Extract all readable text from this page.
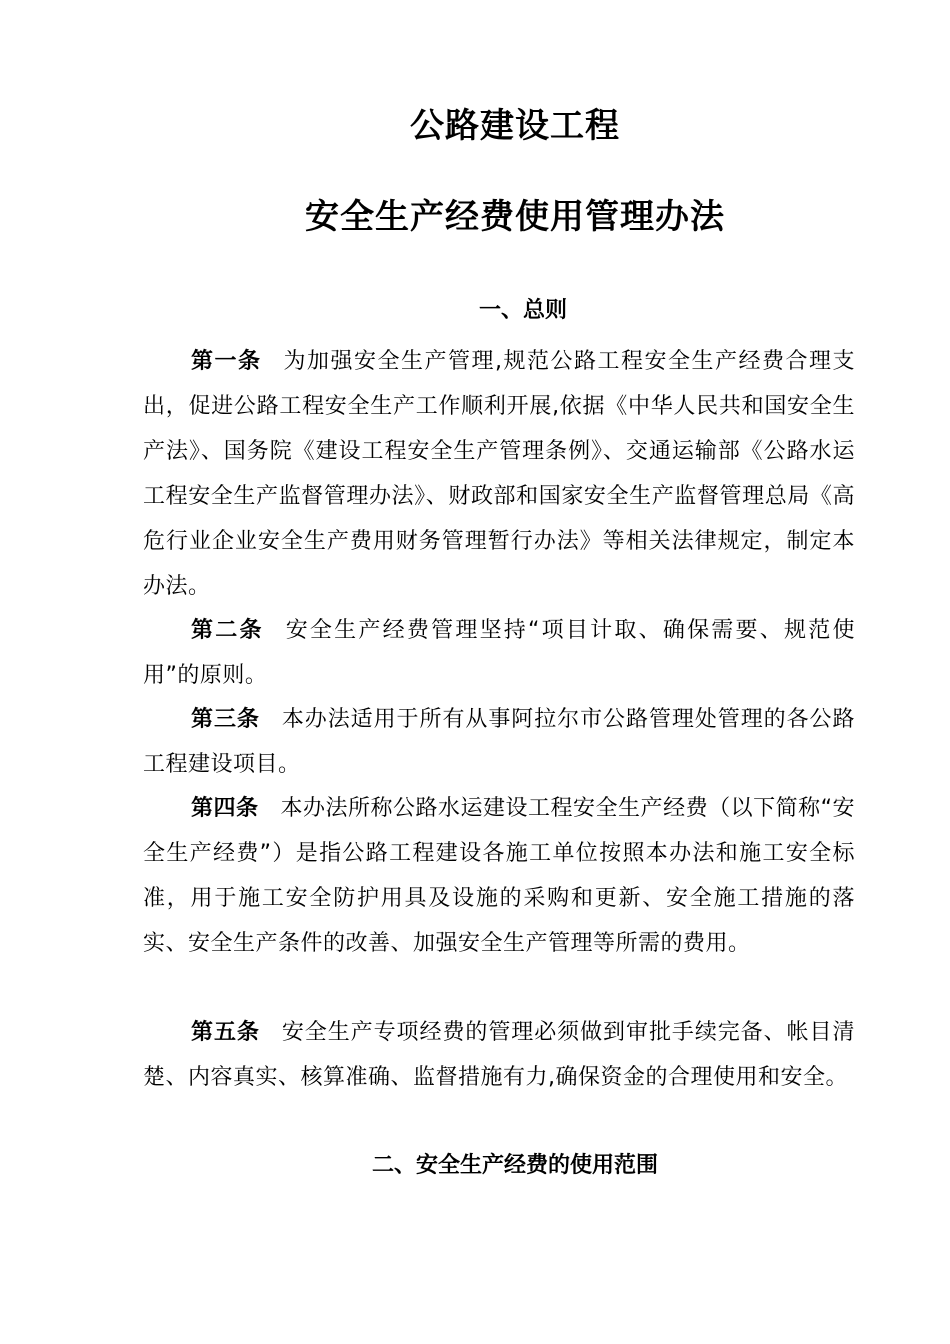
公路建设工程
安全生产经费使用管理办法
一、总则

第一条 为加强安全生产管理,规范公路工程安全生产经费合理支出，促进公路工程安全生产工作顺利开展,依据《中华人民共和国安全生产法》、国务院《建设工程安全生产管理条例》、交通运输部《公路水运工程安全生产监督管理办法》、财政部和国家安全生产监督管理总局《高危行业企业安全生产费用财务管理暂行办法》等相关法律规定，制定本办法。

第二条 安全生产经费管理坚持“项目计取、确保需要、规范使用”的原则。

第三条 本办法适用于所有从事阿拉尔市公路管理处管理的各公路工程建设项目。

第四条 本办法所称公路水运建设工程安全生产经费（以下简称“安全生产经费”）是指公路工程建设各施工单位按照本办法和施工安全标准，用于施工安全防护用具及设施的采购和更新、安全施工措施的落实、安全生产条件的改善、加强安全生产管理等所需的费用。

第五条 安全生产专项经费的管理必须做到审批手续完备、帐目清楚、内容真实、核算准确、监督措施有力,确保资金的合理使用和安全。

二、安全生产经费的使用范围
